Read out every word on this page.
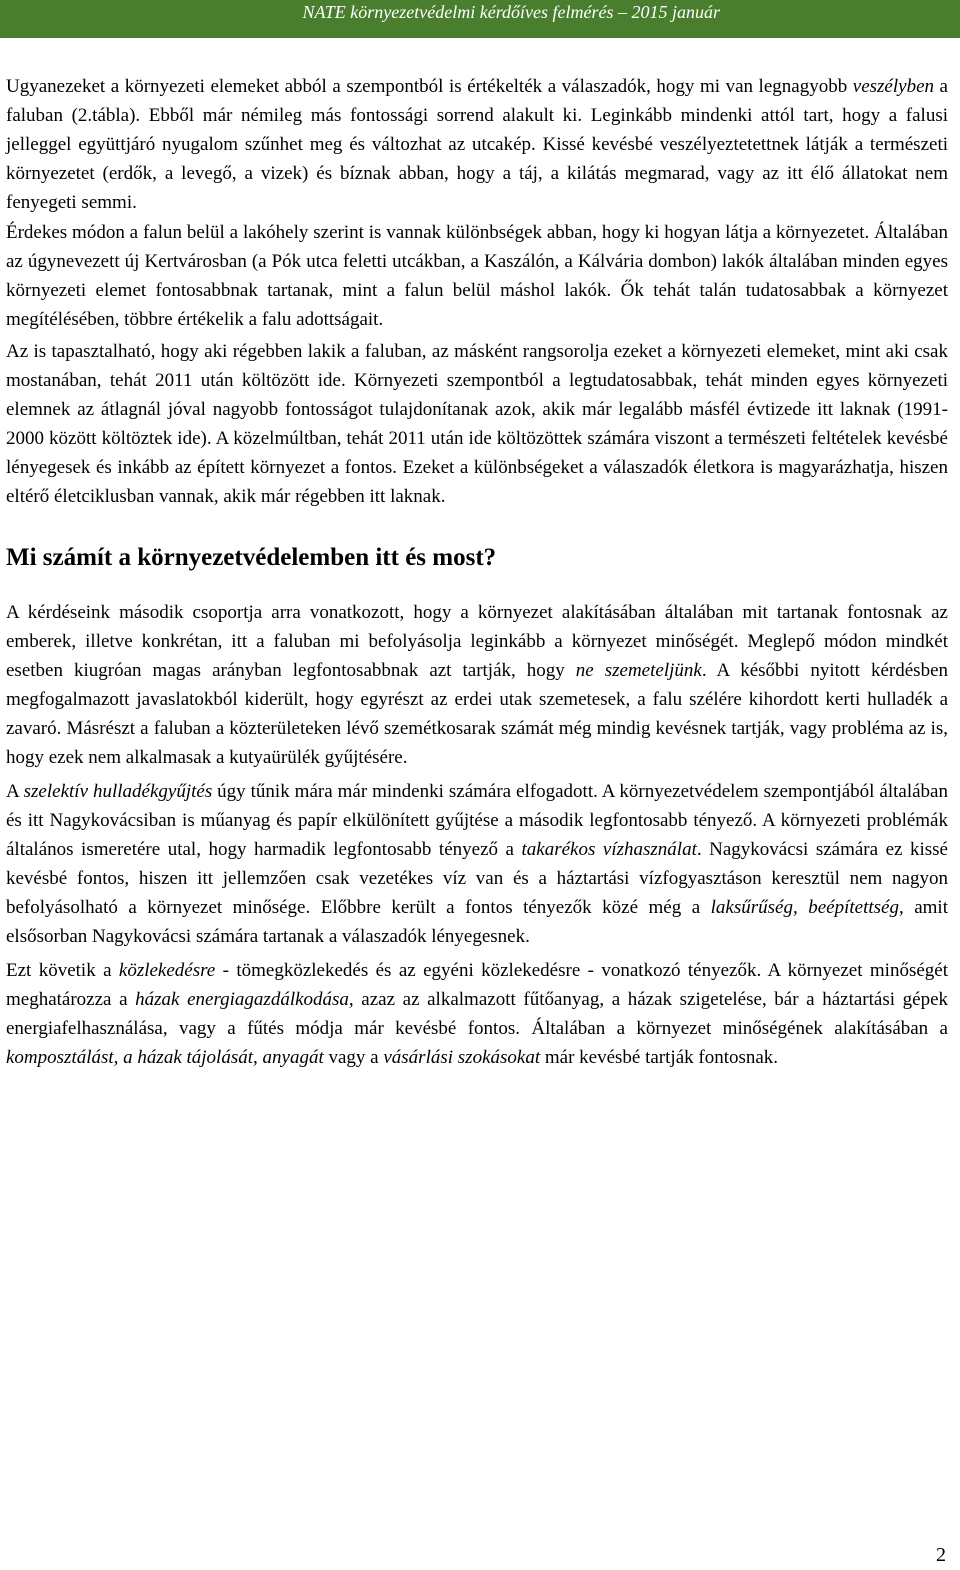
NATE környezetvédelmi kérdőíves felmérés – 2015 január

Ugyanezeket a környezeti elemeket abból a szempontból is értékelték a válaszadók, hogy mi van legnagyobb veszélyben a faluban (2.tábla). Ebből már némileg más fontossági sorrend alakult ki. Leginkább mindenki attól tart, hogy a falusi jelleggel együttjáró nyugalom szűnhet meg és változhat az utcakép. Kissé kevésbé veszélyeztetettnek látják a természeti környezetet (erdők, a levegő, a vizek) és bíznak abban, hogy a táj, a kilátás megmarad, vagy az itt élő állatokat nem fenyegeti semmi.

Érdekes módon a falun belül a lakóhely szerint is vannak különbségek abban, hogy ki hogyan látja a környezetet. Általában az úgynevezett új Kertvárosban (a Pók utca feletti utcákban, a Kaszálón, a Kálvária dombon) lakók általában minden egyes környezeti elemet fontosabbnak tartanak, mint a falun belül máshol lakók. Ők tehát talán tudatosabbak a környezet megítélésében, többre értékelik a falu adottságait.

Az is tapasztalható, hogy aki régebben lakik a faluban, az másként rangsorolja ezeket a környezeti elemeket, mint aki csak mostanában, tehát 2011 után költözött ide. Környezeti szempontból a legtudatosabbak, tehát minden egyes környezeti elemnek az átlagnál jóval nagyobb fontosságot tulajdonítanak azok, akik már legalább másfél évtizede itt laknak (1991-2000 között költöztek ide). A közelmúltban, tehát 2011 után ide költözöttek számára viszont a természeti feltételek kevésbé lényegesek és inkább az épített környezet a fontos. Ezeket a különbségeket a válaszadók életkora is magyarázhatja, hiszen eltérő életciklusban vannak, akik már régebben itt laknak.

Mi számít a környezetvédelemben itt és most?

A kérdéseink második csoportja arra vonatkozott, hogy a környezet alakításában általában mit tartanak fontosnak az emberek, illetve konkrétan, itt a faluban mi befolyásolja leginkább a környezet minőségét. Meglepő módon mindkét esetben kiugróan magas arányban legfontosabbnak azt tartják, hogy ne szemeteljünk. A későbbi nyitott kérdésben megfogalmazott javaslatokból kiderült, hogy egyrészt az erdei utak szemetesek, a falu szélére kihordott kerti hulladék a zavaró. Másrészt a faluban a közterületeken lévő szemétkosarak számát még mindig kevésnek tartják, vagy probléma az is, hogy ezek nem alkalmasak a kutyaürülék gyűjtésére.

A szelektív hulladékgyűjtés úgy tűnik mára már mindenki számára elfogadott. A környezetvédelem szempontjából általában és itt Nagykovácsiban is műanyag és papír elkülönített gyűjtése a második legfontosabb tényező. A környezeti problémák általános ismeretére utal, hogy harmadik legfontosabb tényező a takarékos vízhasználat. Nagykovácsi számára ez kissé kevésbé fontos, hiszen itt jellemzően csak vezetékes víz van és a háztartási vízfogyasztáson keresztül nem nagyon befolyásolható a környezet minősége. Előbbre került a fontos tényezők közé még a laksűrűség, beépítettség, amit elsősorban Nagykovácsi számára tartanak a válaszadók lényegesnek.

Ezt követik a közlekedésre - tömegközlekedés és az egyéni közlekedésre - vonatkozó tényezők. A környezet minőségét meghatározza a házak energiagazdálkodása, azaz az alkalmazott fűtőanyag, a házak szigetelése, bár a háztartási gépek energiafelhasználása, vagy a fűtés módja már kevésbé fontos. Általában a környezet minőségének alakításában a komposztálást, a házak tájolását, anyagát vagy a vásárlási szokásokat már kevésbé tartják fontosnak.

2
